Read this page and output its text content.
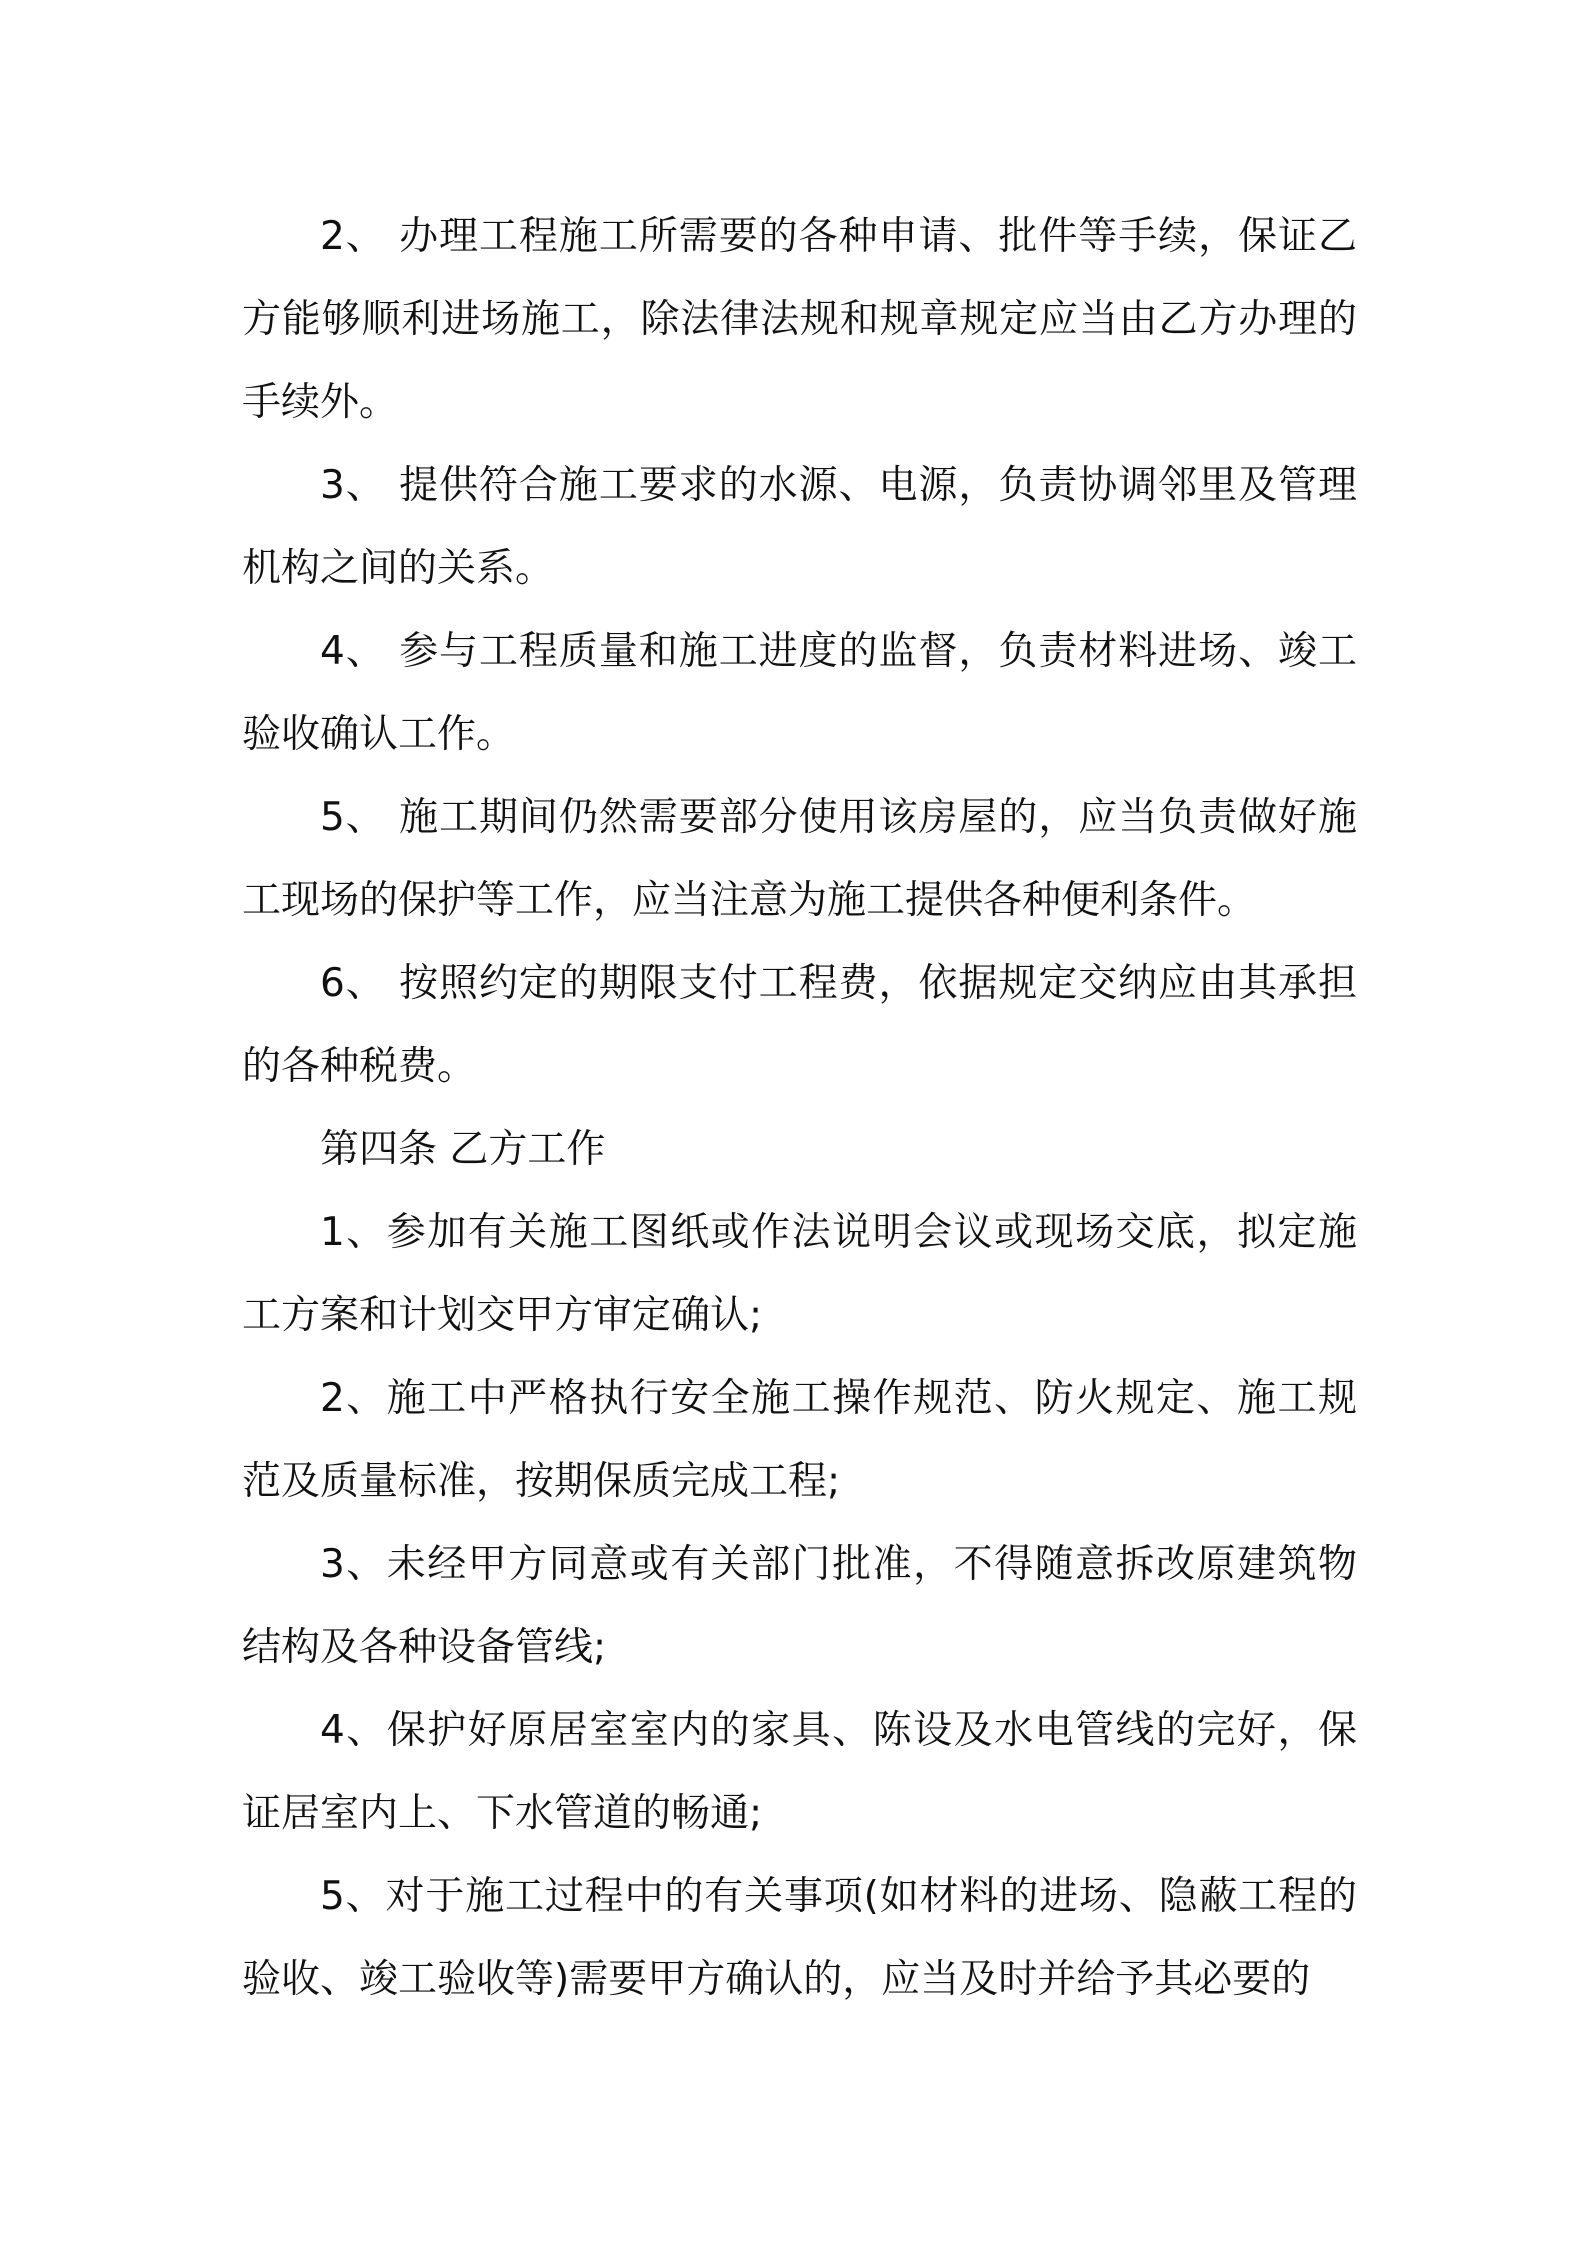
2、 办理工程施工所需要的各种申请、批件等手续，保证乙方能够顺利进场施工，除法律法规和规章规定应当由乙方办理的手续外。

3、 提供符合施工要求的水源、电源，负责协调邻里及管理机构之间的关系。

4、 参与工程质量和施工进度的监督，负责材料进场、竣工验收确认工作。

5、 施工期间仍然需要部分使用该房屋的，应当负责做好施工现场的保护等工作，应当注意为施工提供各种便利条件。

6、 按照约定的期限支付工程费，依据规定交纳应由其承担的各种税费。

第四条 乙方工作

1、参加有关施工图纸或作法说明会议或现场交底，拟定施工方案和计划交甲方审定确认;

2、施工中严格执行安全施工操作规范、防火规定、施工规范及质量标准，按期保质完成工程;

3、未经甲方同意或有关部门批准，不得随意拆改原建筑物结构及各种设备管线;

4、保护好原居室室内的家具、陈设及水电管线的完好，保证居室内上、下水管道的畅通;

5、对于施工过程中的有关事项(如材料的进场、隐蔽工程的验收、竣工验收等)需要甲方确认的，应当及时并给予其必要的
